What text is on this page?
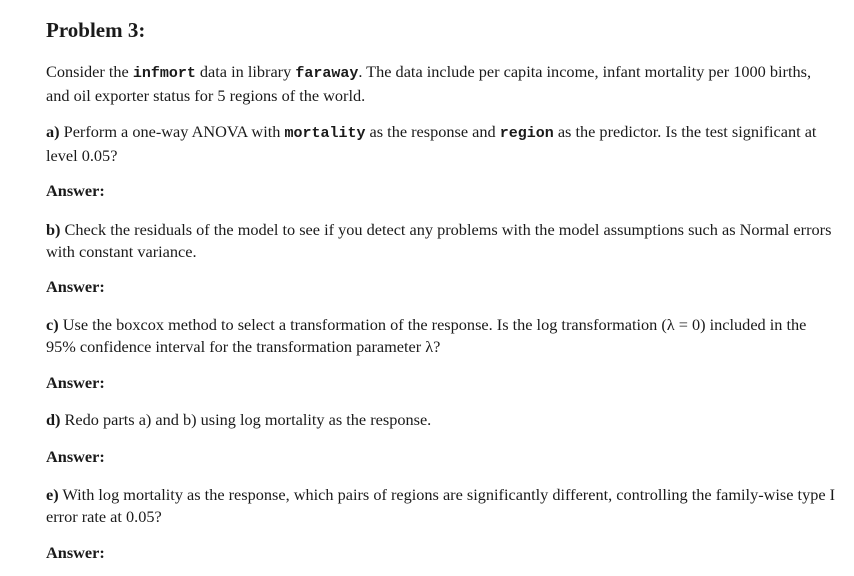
Problem 3:

Consider the infmort data in library faraway. The data include per capita income, infant mortality per 1000 births, and oil exporter status for 5 regions of the world.

a) Perform a one-way ANOVA with mortality as the response and region as the predictor. Is the test significant at level 0.05?

Answer:

b) Check the residuals of the model to see if you detect any problems with the model assumptions such as Normal errors with constant variance.

Answer:

c) Use the boxcox method to select a transformation of the response. Is the log transformation (λ = 0) included in the 95% confidence interval for the transformation parameter λ?

Answer:

d) Redo parts a) and b) using log mortality as the response.

Answer:

e) With log mortality as the response, which pairs of regions are significantly different, controlling the family-wise type I error rate at 0.05?

Answer:
